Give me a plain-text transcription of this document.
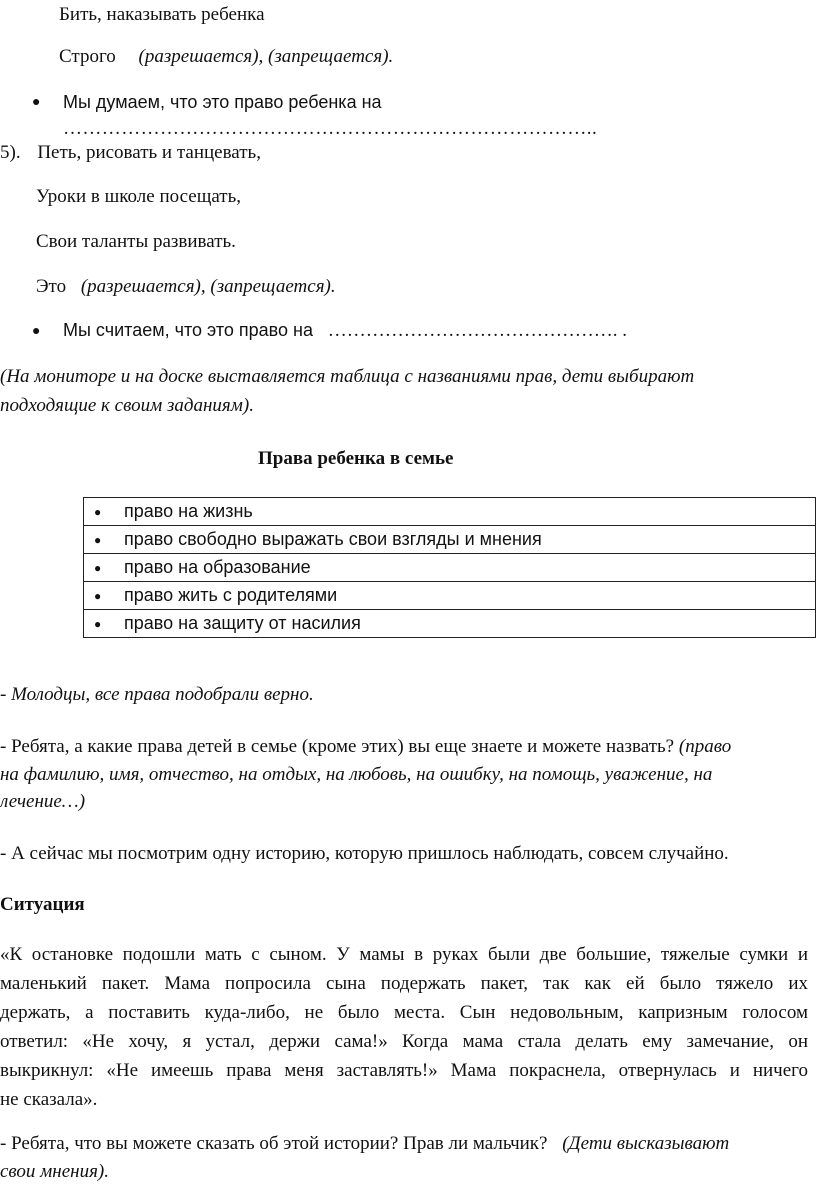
Бить, наказывать ребенка
Строго (разрешается), (запрещается).
● Мы думаем, что это право ребенка на
………………………………………………………………………..
5). Петь, рисовать и танцевать,
Уроки в школе посещать,
Свои таланты развивать.
Это (разрешается), (запрещается).
● Мы считаем, что это право на ………………………………………. .
(На мониторе и на доске выставляется таблица с названиями прав, дети выбирают
подходящие к своим заданиям).
Права ребенка в семье
● право на жизнь
● право свободно выражать свои взгляды и мнения
● право на образование
● право жить с родителями
● право на защиту от насилия
- Молодцы, все права подобрали верно.
- Ребята, а какие права детей в семье (кроме этих) вы еще знаете и можете назвать? (право
на фамилию, имя, отчество, на отдых, на любовь, на ошибку, на помощь, уважение, на
лечение…)
- А сейчас мы посмотрим одну историю, которую пришлось наблюдать, совсем случайно.
Ситуация
«К остановке подошли мать с сыном. У мамы в руках были две большие, тяжелые сумки и
маленький пакет. Мама попросила сына подержать пакет, так как ей было тяжело их
держать, а поставить куда-либо, не было места. Сын недовольным, капризным голосом
ответил: «Не хочу, я устал, держи сама!» Когда мама стала делать ему замечание, он
выкрикнул: «Не имеешь права меня заставлять!» Мама покраснела, отвернулась и ничего
не сказала».
- Ребята, что вы можете сказать об этой истории? Прав ли мальчик? (Дети высказывают
свои мнения).
